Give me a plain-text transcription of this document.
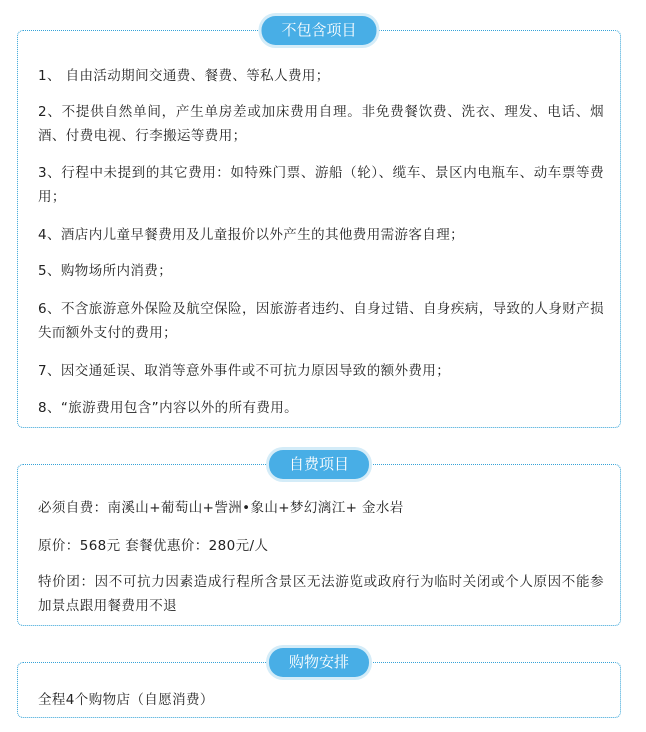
不包含项目

1、 自由活动期间交通费、餐费、等私人费用；

2、不提供自然单间，产生单房差或加床费用自理。非免费餐饮费、洗衣、理发、电话、烟酒、付费电视、行李搬运等费用；

3、行程中未提到的其它费用：如特殊门票、游船（轮）、缆车、景区内电瓶车、动车票等费用；

4、酒店内儿童早餐费用及儿童报价以外产生的其他费用需游客自理；

5、购物场所内消费；

6、不含旅游意外保险及航空保险，因旅游者违约、自身过错、自身疾病，导致的人身财产损失而额外支付的费用；

7、因交通延误、取消等意外事件或不可抗力原因导致的额外费用；

8、“旅游费用包含”内容以外的所有费用。

自费项目

必须自费：南溪山+葡萄山+訾洲•象山+梦幻漓江+ 金水岩

原价：568元 套餐优惠价：280元/人

特价团：因不可抗力因素造成行程所含景区无法游览或政府行为临时关闭或个人原因不能参加景点跟用餐费用不退

购物安排

全程4个购物店（自愿消费）
